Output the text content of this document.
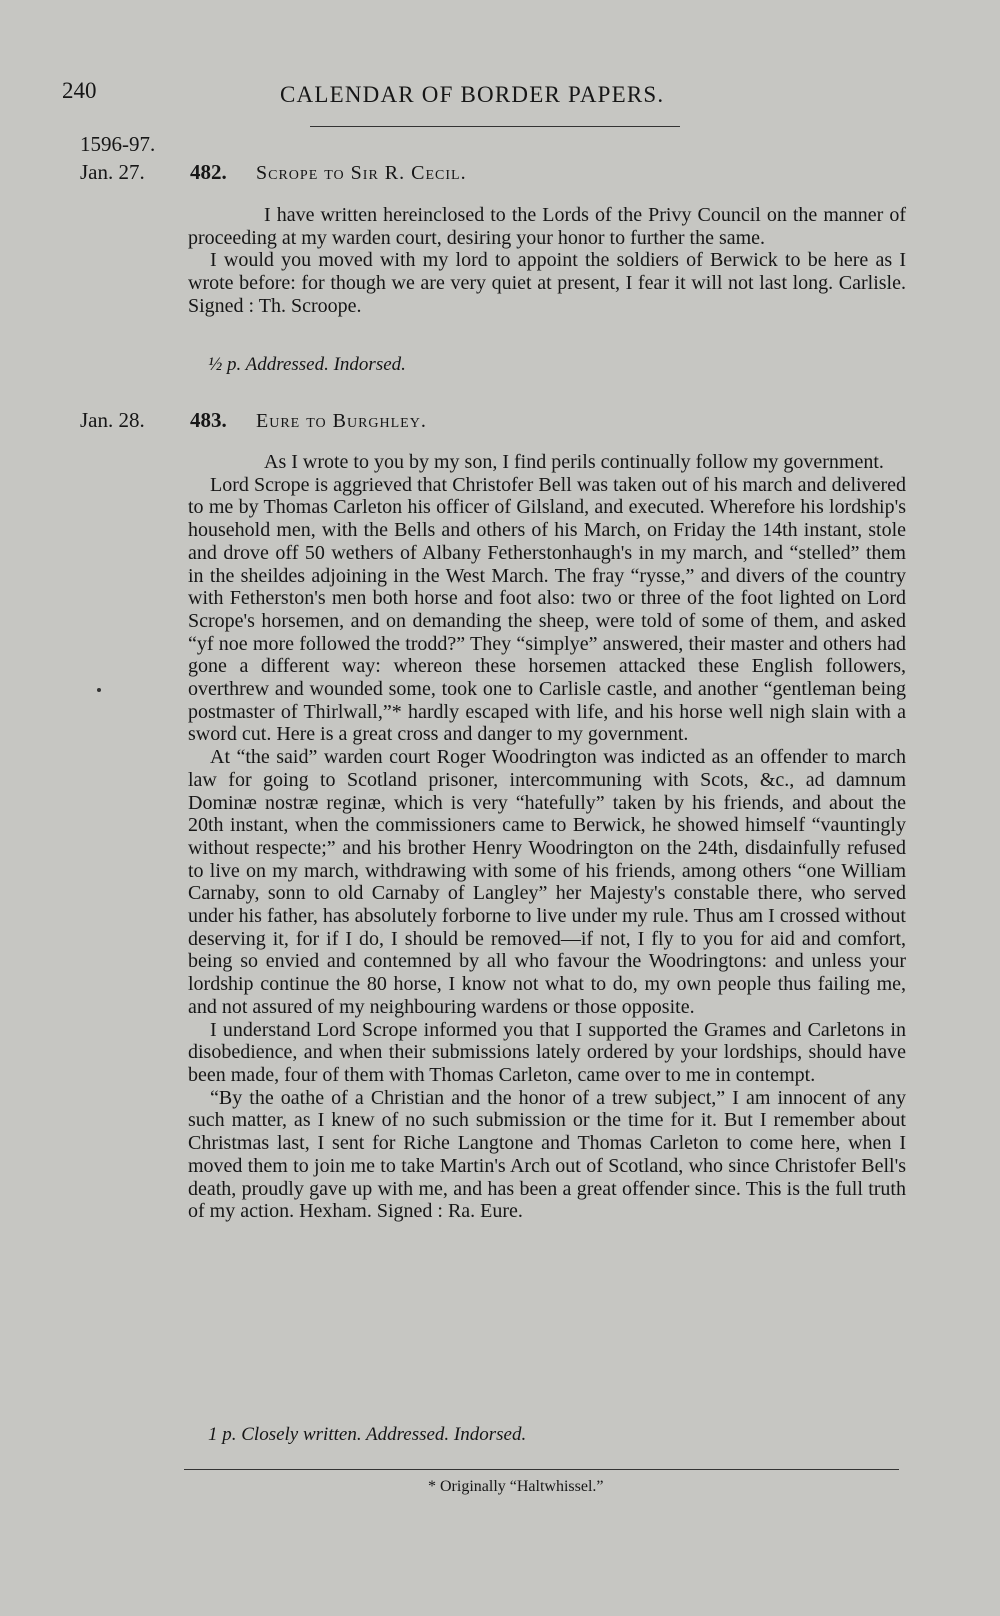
240	CALENDAR OF BORDER PAPERS.
1596-97.
Jan. 27. 482. Scrope to Sir R. Cecil.

I have written hereinclosed to the Lords of the Privy Council on the manner of proceeding at my warden court, desiring your honor to further the same.

I would you moved with my lord to appoint the soldiers of Berwick to be here as I wrote before: for though we are very quiet at present, I fear it will not last long. Carlisle. Signed : Th. Scroope.

½ p. Addressed. Indorsed.
Jan. 28. 483. Eure to Burghley.

As I wrote to you by my son, I find perils continually follow my government.

Lord Scrope is aggrieved that Christofer Bell was taken out of his march and delivered to me by Thomas Carleton his officer of Gilsland, and executed. Wherefore his lordship's household men, with the Bells and others of his March, on Friday the 14th instant, stole and drove off 50 wethers of Albany Fetherstonhaugh's in my march, and “stelled” them in the sheildes adjoining in the West March. The fray “rysse,” and divers of the country with Fetherston's men both horse and foot also: two or three of the foot lighted on Lord Scrope's horsemen, and on demanding the sheep, were told of some of them, and asked “yf noe more followed the trodd?” They “simplye” answered, their master and others had gone a different way: whereon these horsemen attacked these English followers, overthrew and wounded some, took one to Carlisle castle, and another “gentleman being postmaster of Thirlwall,”* hardly escaped with life, and his horse well nigh slain with a sword cut. Here is a great cross and danger to my government.

At “the said” warden court Roger Woodrington was indicted as an offender to march law for going to Scotland prisoner, intercommuning with Scots, &c., ad damnum Dominæ nostræ reginæ, which is very “hatefully” taken by his friends, and about the 20th instant, when the commissioners came to Berwick, he showed himself “vauntingly without respecte;” and his brother Henry Woodrington on the 24th, disdainfully refused to live on my march, withdrawing with some of his friends, among others “one William Carnaby, sonn to old Carnaby of Langley” her Majesty's constable there, who served under his father, has absolutely forborne to live under my rule. Thus am I crossed without deserving it, for if I do, I should be removed—if not, I fly to you for aid and comfort, being so envied and contemned by all who favour the Woodringtons: and unless your lordship continue the 80 horse, I know not what to do, my own people thus failing me, and not assured of my neighbouring wardens or those opposite.

I understand Lord Scrope informed you that I supported the Grames and Carletons in disobedience, and when their submissions lately ordered by your lordships, should have been made, four of them with Thomas Carleton, came over to me in contempt.

“By the oathe of a Christian and the honor of a trew subject,” I am innocent of any such matter, as I knew of no such submission or the time for it. But I remember about Christmas last, I sent for Riche Langtone and Thomas Carleton to come here, when I moved them to join me to take Martin's Arch out of Scotland, who since Christofer Bell's death, proudly gave up with me, and has been a great offender since. This is the full truth of my action. Hexham. Signed : Ra. Eure.

1 p. Closely written. Addressed. Indorsed.
* Originally “Haltwhissel.”
